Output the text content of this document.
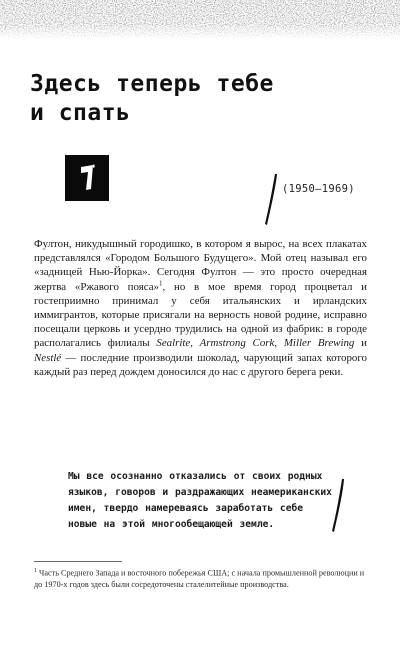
Здесь теперь тебе
и спать
(1950–1969)

Фултон, никудышный городишко, в котором я вырос, на всех плакатах представлялся «Городом Большого Будущего». Мой отец называл его «задницей Нью-Йорка». Сегодня Фултон — это просто очередная жертва «Ржавого пояса»$^1$, но в мое время город процветал и гостеприимно принимал у себя итальянских и ирландских иммигрантов, которые присягали на верность новой родине, исправно посещали церковь и усердно трудились на одной из фабрик: в городе располагались филиалы Sealrite, Armstrong Cork, Miller Brewing и Nestlé — последние производили шоколад, чарующий запах которого каждый раз перед дождем доносился до нас с другого берега реки.

Мы все осознанно отказались от своих родных языков, говоров и раздражающих неамериканских имен, твердо намереваясь заработать себе новые на этой многообещающей земле.

$^1$ Часть Среднего Запада и восточного побережья США; с начала промышленной революции и до 1970-х годов здесь были сосредоточены сталелитейные производства.
